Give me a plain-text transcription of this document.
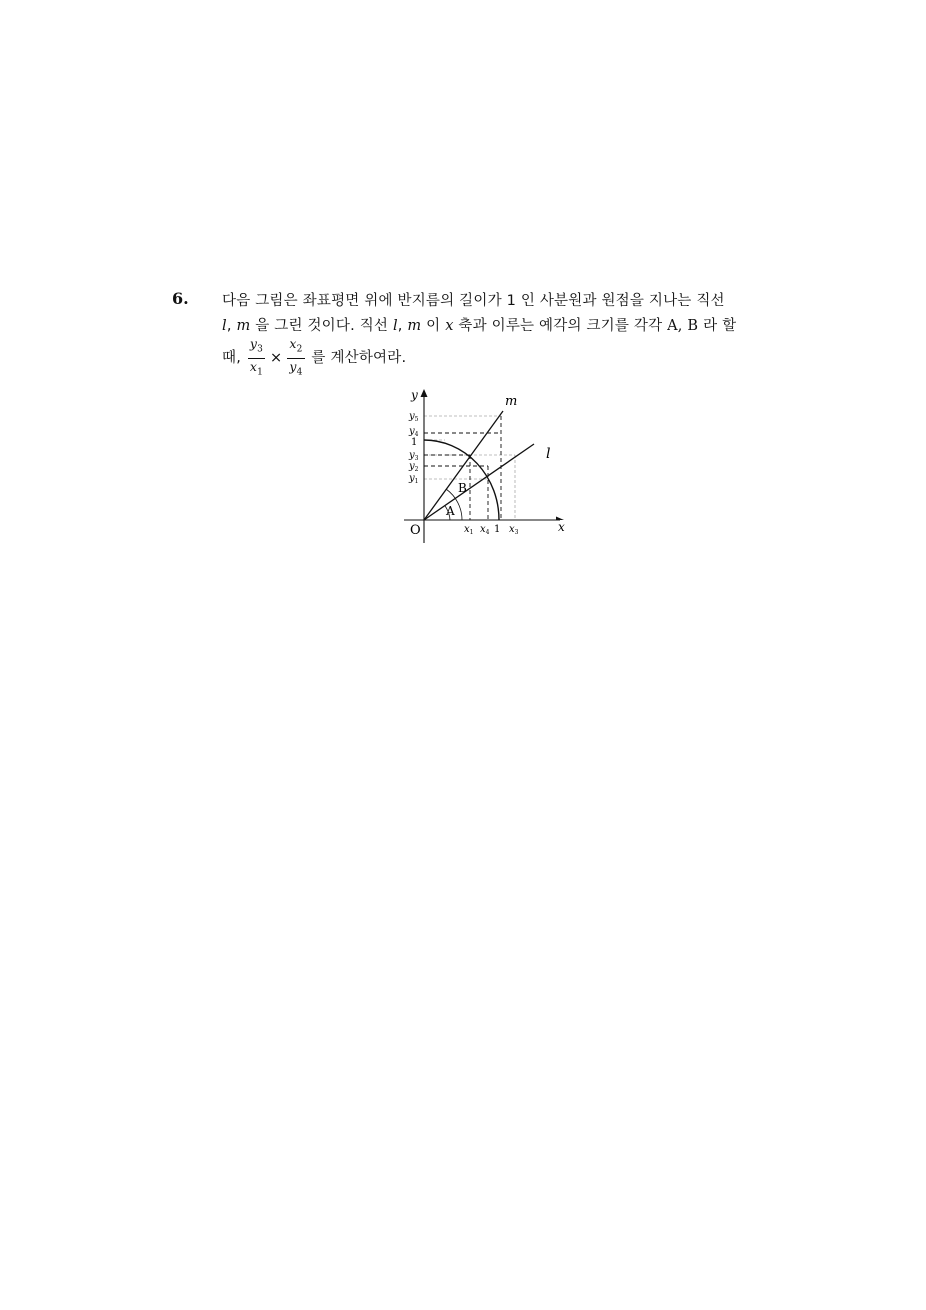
6. 다음 그림은 좌표평면 위에 반지름의 길이가 1 인 사분원과 원점을 지나는 직선
l, m 을 그린 것이다. 직선 l, m 이 x 축과 이루는 예각의 크기를 각각 A, B 라 할
때, $\frac{y_3}{x_1} \times \frac{x_2}{y_4}$ 를 계산하여라.
x
y
O
m
l
A
B
$y_5$
$y_4$
1
$y_3$
$y_2$
$y_1$
$x_1$ $x_4$ 1 $x_3$
